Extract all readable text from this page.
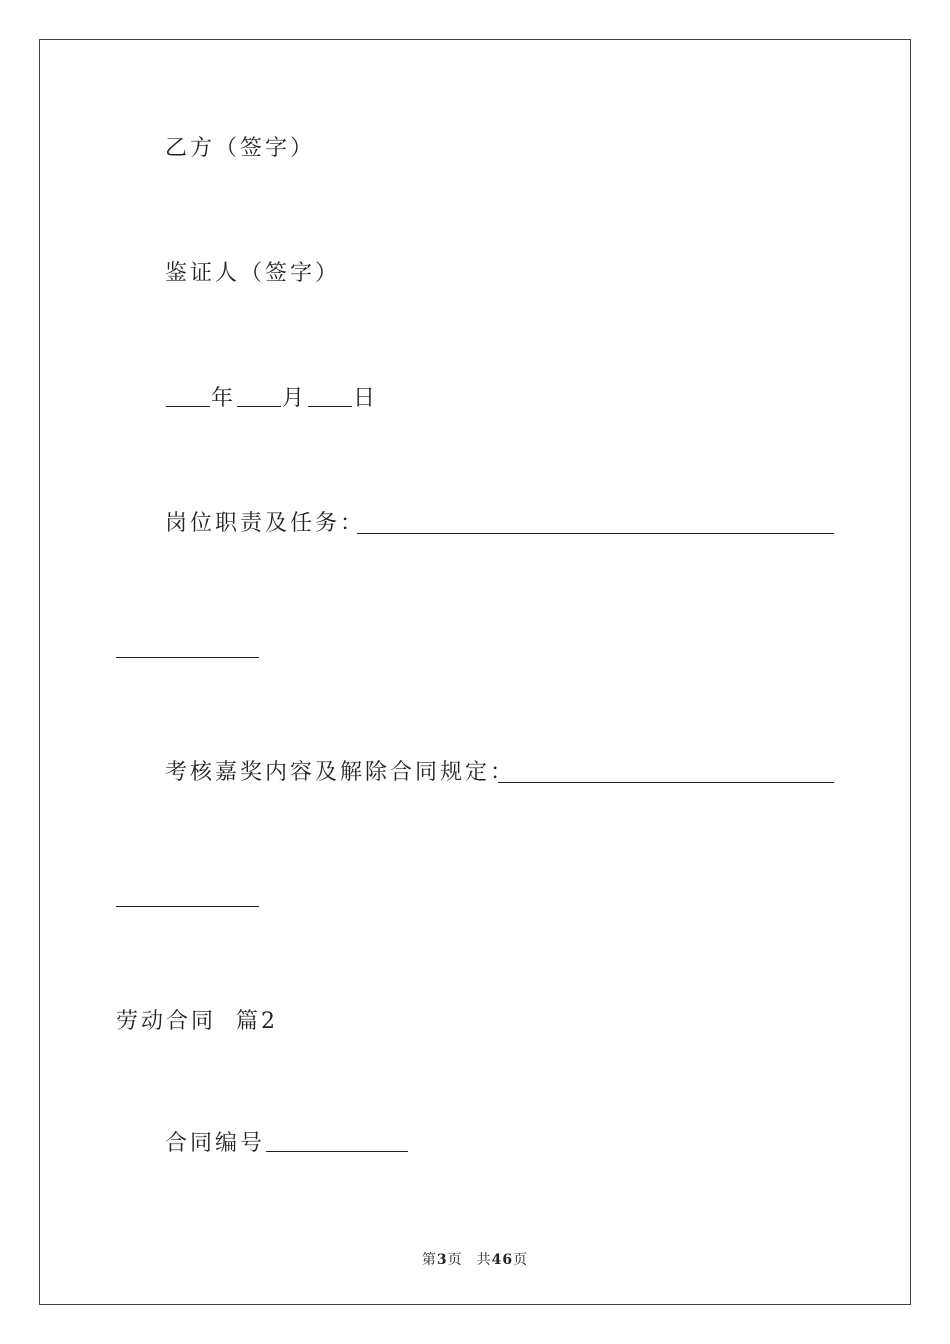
乙方（签字）
鉴证人（签字）
年 月 日
岗位职责及任务：
考核嘉奖内容及解除合同规定：
劳动合同  篇2
合同编号
第3页 共46页
